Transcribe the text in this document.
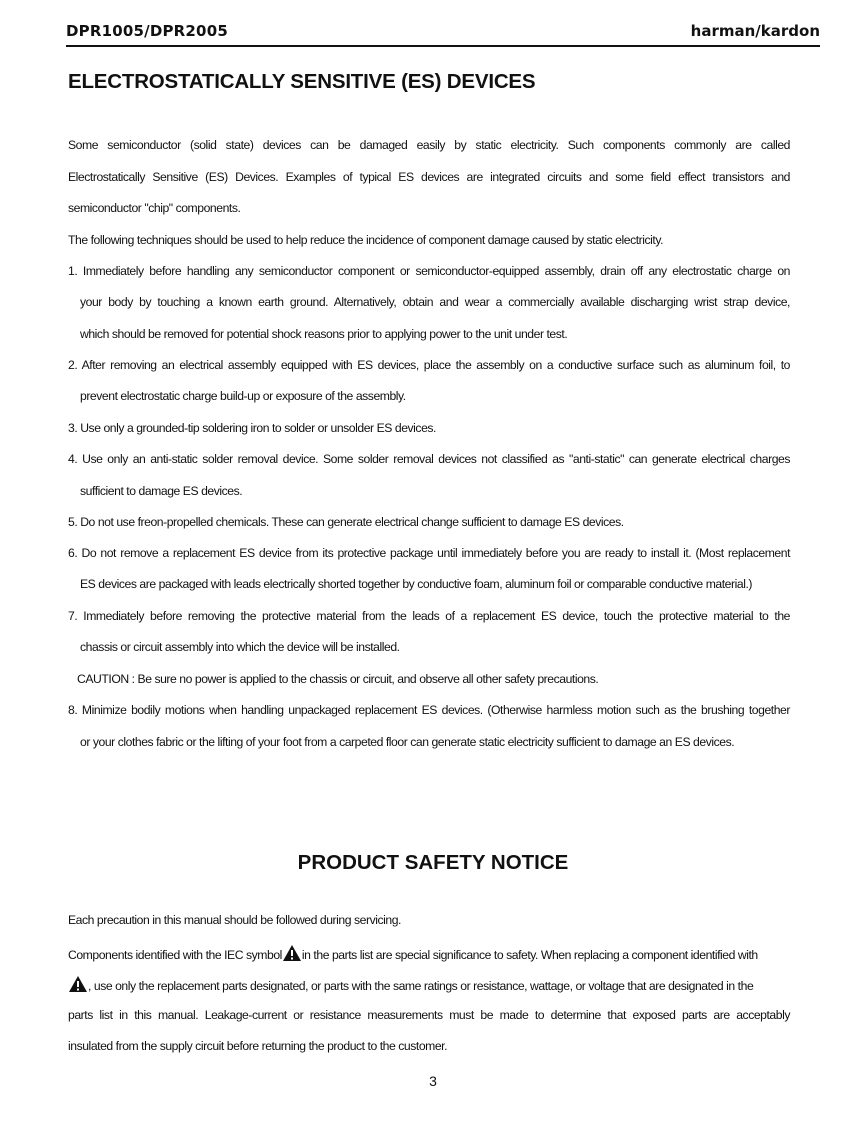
DPR1005/DPR2005	harman/kardon
ELECTROSTATICALLY SENSITIVE (ES) DEVICES
Some semiconductor (solid state) devices can be damaged easily by static electricity. Such components commonly are called
Electrostatically Sensitive (ES) Devices. Examples of typical ES devices are integrated circuits and some field effect transistors and
semiconductor "chip" components.
The following techniques should be used to help reduce the incidence of component damage caused by static electricity.
1. Immediately before handling any semiconductor component or semiconductor-equipped assembly, drain off any electrostatic charge on
your body by touching a known earth ground. Alternatively, obtain and wear a commercially available discharging wrist strap device,
which should be removed for potential shock reasons prior to applying power to the unit under test.
2. After removing an electrical assembly equipped with ES devices, place the assembly on a conductive surface such as aluminum foil, to
prevent electrostatic charge build-up or exposure of the assembly.
3. Use only a grounded-tip soldering iron to solder or unsolder ES devices.
4. Use only an anti-static solder removal device. Some solder removal devices not classified as "anti-static" can generate electrical charges
sufficient to damage ES devices.
5. Do not use freon-propelled chemicals. These can generate electrical change sufficient to damage ES devices.
6. Do not remove a replacement ES device from its protective package until immediately before you are ready to install it. (Most replacement
ES devices are packaged with leads electrically shorted together by conductive foam, aluminum foil or comparable conductive material.)
7. Immediately before removing the protective material from the leads of a replacement ES device, touch the protective material to the
chassis or circuit assembly into which the device will be installed.
CAUTION : Be sure no power is applied to the chassis or circuit, and observe all other safety precautions.
8. Minimize bodily motions when handling unpackaged replacement ES devices. (Otherwise harmless motion such as the brushing together
or your clothes fabric or the lifting of your foot from a carpeted floor can generate static electricity sufficient to damage an ES devices.
PRODUCT SAFETY NOTICE
Each precaution in this manual should be followed during servicing.
Components identified with the IEC symbol in the parts list are special significance to safety. When replacing a component identified with
, use only the replacement parts designated, or parts with the same ratings or resistance, wattage, or voltage that are designated in the
parts list in this manual. Leakage-current or resistance measurements must be made to determine that exposed parts are acceptably
insulated from the supply circuit before returning the product to the customer.
3
